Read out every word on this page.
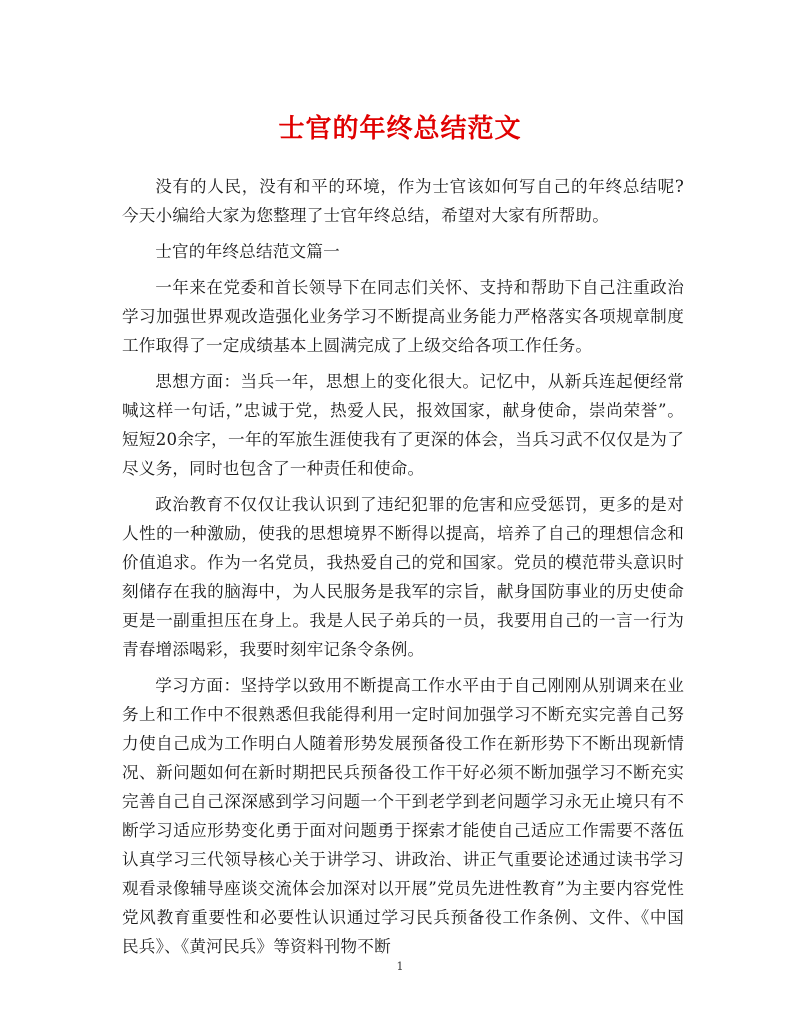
士官的年终总结范文

没有的人民，没有和平的环境，作为士官该如何写自己的年终总结呢?今天小编给大家为您整理了士官年终总结，希望对大家有所帮助。

士官的年终总结范文篇一

一年来在党委和首长领导下在同志们关怀、支持和帮助下自己注重政治学习加强世界观改造强化业务学习不断提高业务能力严格落实各项规章制度工作取得了一定成绩基本上圆满完成了上级交给各项工作任务。

思想方面：当兵一年，思想上的变化很大。记忆中，从新兵连起便经常喊这样一句话，”忠诚于党，热爱人民，报效国家，献身使命，崇尚荣誉”。短短20余字，一年的军旅生涯使我有了更深的体会，当兵习武不仅仅是为了尽义务，同时也包含了一种责任和使命。

政治教育不仅仅让我认识到了违纪犯罪的危害和应受惩罚，更多的是对人性的一种激励，使我的思想境界不断得以提高，培养了自己的理想信念和价值追求。作为一名党员，我热爱自己的党和国家。党员的模范带头意识时刻储存在我的脑海中，为人民服务是我军的宗旨，献身国防事业的历史使命更是一副重担压在身上。我是人民子弟兵的一员，我要用自己的一言一行为青春增添喝彩，我要时刻牢记条令条例。

学习方面：坚持学以致用不断提高工作水平由于自己刚刚从别调来在业务上和工作中不很熟悉但我能得利用一定时间加强学习不断充实完善自己努力使自己成为工作明白人随着形势发展预备役工作在新形势下不断出现新情况、新问题如何在新时期把民兵预备役工作干好必须不断加强学习不断充实完善自己自己深深感到学习问题一个干到老学到老问题学习永无止境只有不断学习适应形势变化勇于面对问题勇于探索才能使自己适应工作需要不落伍认真学习三代领导核心关于讲学习、讲政治、讲正气重要论述通过读书学习观看录像辅导座谈交流体会加深对以开展”党员先进性教育”为主要内容党性党风教育重要性和必要性认识通过学习民兵预备役工作条例、文件、《中国民兵》、《黄河民兵》等资料刊物不断

1
